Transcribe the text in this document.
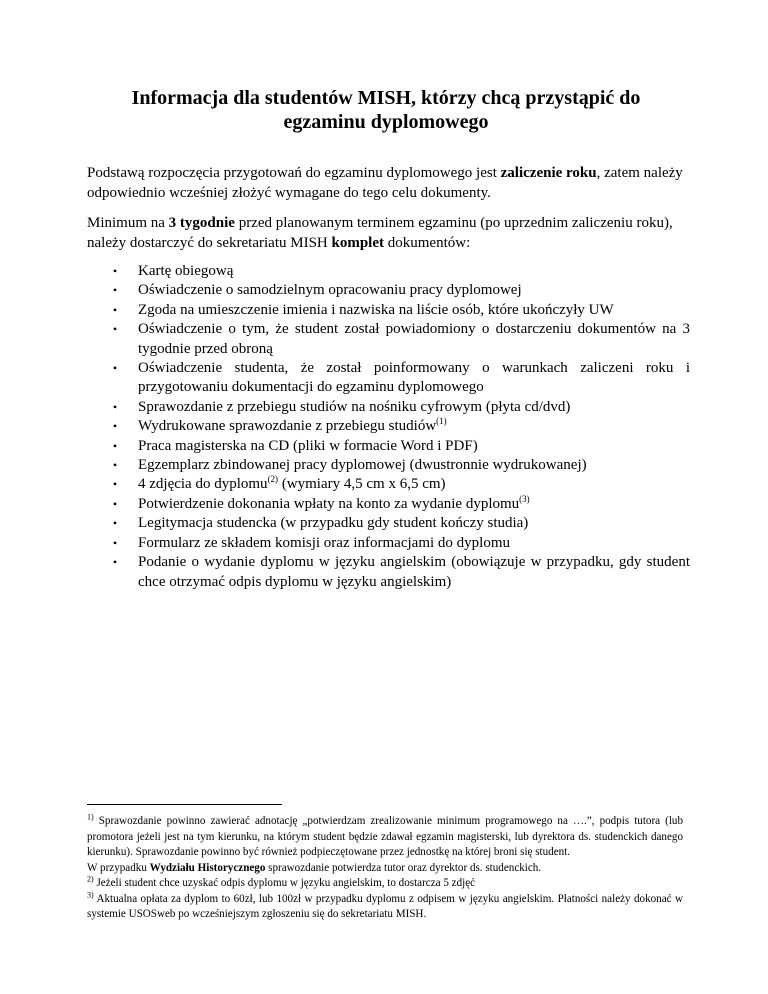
Informacja dla studentów MISH, którzy chcą przystąpić do
egzaminu dyplomowego

Podstawą rozpoczęcia przygotowań do egzaminu dyplomowego jest zaliczenie roku, zatem należy odpowiednio wcześniej złożyć wymagane do tego celu dokumenty.

Minimum na 3 tygodnie przed planowanym terminem egzaminu (po uprzednim zaliczeniu roku), należy dostarczyć do sekretariatu MISH komplet dokumentów:

• Kartę obiegową
• Oświadczenie o samodzielnym opracowaniu pracy dyplomowej
• Zgoda na umieszczenie imienia i nazwiska na liście osób, które ukończyły UW
• Oświadczenie o tym, że student został powiadomiony o dostarczeniu dokumentów na 3 tygodnie przed obroną
• Oświadczenie studenta, że został poinformowany o warunkach zaliczeni roku i przygotowaniu dokumentacji do egzaminu dyplomowego
• Sprawozdanie z przebiegu studiów na nośniku cyfrowym (płyta cd/dvd)
• Wydrukowane sprawozdanie z przebiegu studiów$^{(1)}$
• Praca magisterska na CD (pliki w formacie Word i PDF)
• Egzemplarz zbindowanej pracy dyplomowej (dwustronnie wydrukowanej)
• 4 zdjęcia do dyplomu$^{(2)}$ (wymiary 4,5 cm x 6,5 cm)
• Potwierdzenie dokonania wpłaty na konto za wydanie dyplomu$^{(3)}$
• Legitymacja studencka (w przypadku gdy student kończy studia)
• Formularz ze składem komisji oraz informacjami do dyplomu
• Podanie o wydanie dyplomu w języku angielskim (obowiązuje w przypadku, gdy student chce otrzymać odpis dyplomu w języku angielskim)

$^{1)}$ Sprawozdanie powinno zawierać adnotację „potwierdzam zrealizowanie minimum programowego na ….”, podpis tutora (lub promotora jeżeli jest na tym kierunku, na którym student będzie zdawał egzamin magisterski, lub dyrektora ds. studenckich danego kierunku). Sprawozdanie powinno być również podpieczętowane przez jednostkę na której broni się student.

W przypadku Wydziału Historycznego sprawozdanie potwierdza tutor oraz dyrektor ds. studenckich.

$^{2)}$ Jeżeli student chce uzyskać odpis dyplomu w języku angielskim, to dostarcza 5 zdjęć

$^{3)}$ Aktualna opłata za dyplom to 60zł, lub 100zł w przypadku dyplomu z odpisem w języku angielskim. Płatności należy dokonać w systemie USOSweb po wcześniejszym zgłoszeniu się do sekretariatu MISH.
